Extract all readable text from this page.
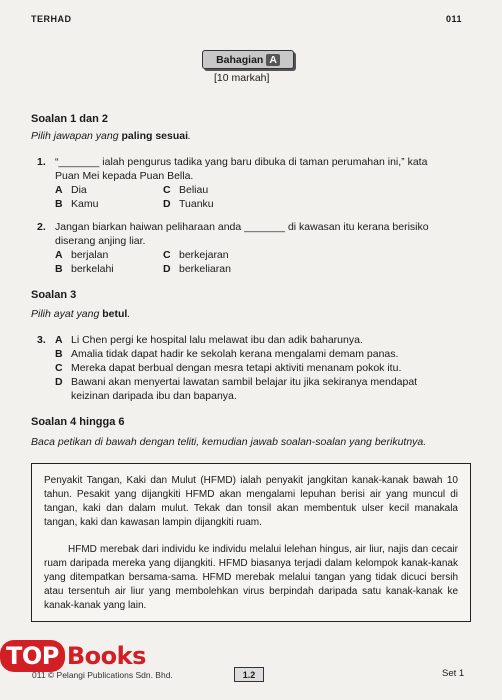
TERHAD	011
Bahagian A
[10 markah]
Soalan 1 dan 2
Pilih jawapan yang paling sesuai.
1. “_______ ialah pengurus tadika yang baru dibuka di taman perumahan ini,” kata
Puan Mei kepada Puan Bella.
A Dia	C Beliau
B Kamu	D Tuanku
2. Jangan biarkan haiwan peliharaan anda _______ di kawasan itu kerana berisiko
diserang anjing liar.
A berjalan	C berkejaran
B berkelahi	D berkeliaran
Soalan 3
Pilih ayat yang betul.
3. A Li Chen pergi ke hospital lalu melawat ibu dan adik baharunya.
B Amalia tidak dapat hadir ke sekolah kerana mengalami demam panas.
C Mereka dapat berbual dengan mesra tetapi aktiviti menanam pokok itu.
D Bawani akan menyertai lawatan sambil belajar itu jika sekiranya mendapat
keizinan daripada ibu dan bapanya.
Soalan 4 hingga 6
Baca petikan di bawah dengan teliti, kemudian jawab soalan-soalan yang berikutnya.

Penyakit Tangan, Kaki dan Mulut (HFMD) ialah penyakit jangkitan kanak-kanak bawah 10 tahun. Pesakit yang dijangkiti HFMD akan mengalami lepuhan berisi air yang muncul di tangan, kaki dan dalam mulut. Tekak dan tonsil akan membentuk ulser kecil manakala tangan, kaki dan kawasan lampin dijangkiti ruam.

HFMD merebak dari individu ke individu melalui lelehan hingus, air liur, najis dan cecair ruam daripada mereka yang dijangkiti. HFMD biasanya terjadi dalam kelompok kanak-kanak yang ditempatkan bersama-sama. HFMD merebak melalui tangan yang tidak dicuci bersih atau tersentuh air liur yang membolehkan virus berpindah daripada satu kanak-kanak ke kanak-kanak yang lain.

TOP Books
011 © Pelangi Publications Sdn. Bhd.	1.2	Set 1
